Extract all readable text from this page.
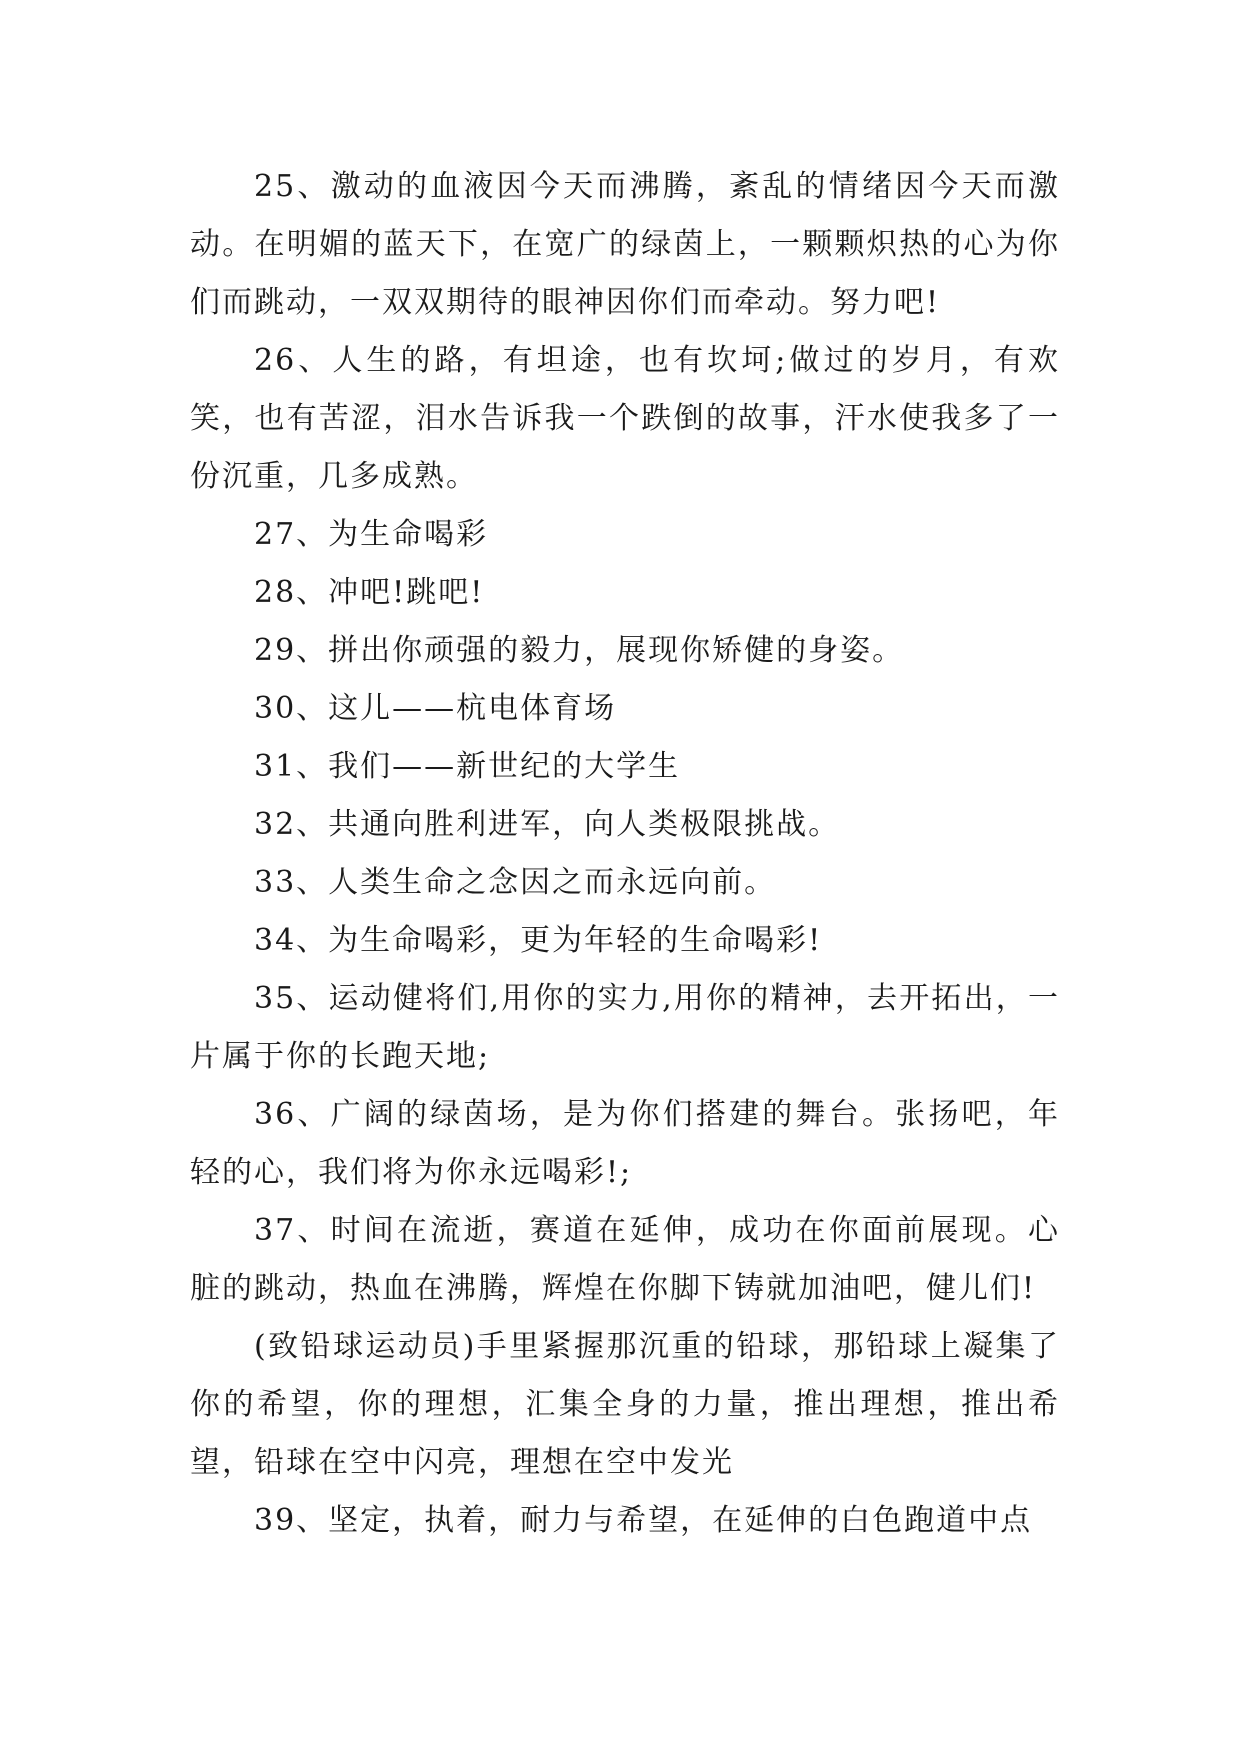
25、激动的血液因今天而沸腾，紊乱的情绪因今天而激动。在明媚的蓝天下，在宽广的绿茵上，一颗颗炽热的心为你们而跳动，一双双期待的眼神因你们而牵动。努力吧!

26、人生的路，有坦途，也有坎坷;做过的岁月，有欢笑，也有苦涩，泪水告诉我一个跌倒的故事，汗水使我多了一份沉重，几多成熟。

27、为生命喝彩

28、冲吧!跳吧!

29、拼出你顽强的毅力，展现你矫健的身姿。

30、这儿——杭电体育场

31、我们——新世纪的大学生

32、共通向胜利进军，向人类极限挑战。

33、人类生命之念因之而永远向前。

34、为生命喝彩，更为年轻的生命喝彩!

35、运动健将们,用你的实力,用你的精神，去开拓出，一片属于你的长跑天地;

36、广阔的绿茵场，是为你们搭建的舞台。张扬吧，年轻的心，我们将为你永远喝彩!;

37、时间在流逝，赛道在延伸，成功在你面前展现。心脏的跳动，热血在沸腾，辉煌在你脚下铸就加油吧，健儿们!

(致铅球运动员)手里紧握那沉重的铅球，那铅球上凝集了你的希望，你的理想，汇集全身的力量，推出理想，推出希望，铅球在空中闪亮，理想在空中发光

39、坚定，执着，耐力与希望，在延伸的白色跑道中点
